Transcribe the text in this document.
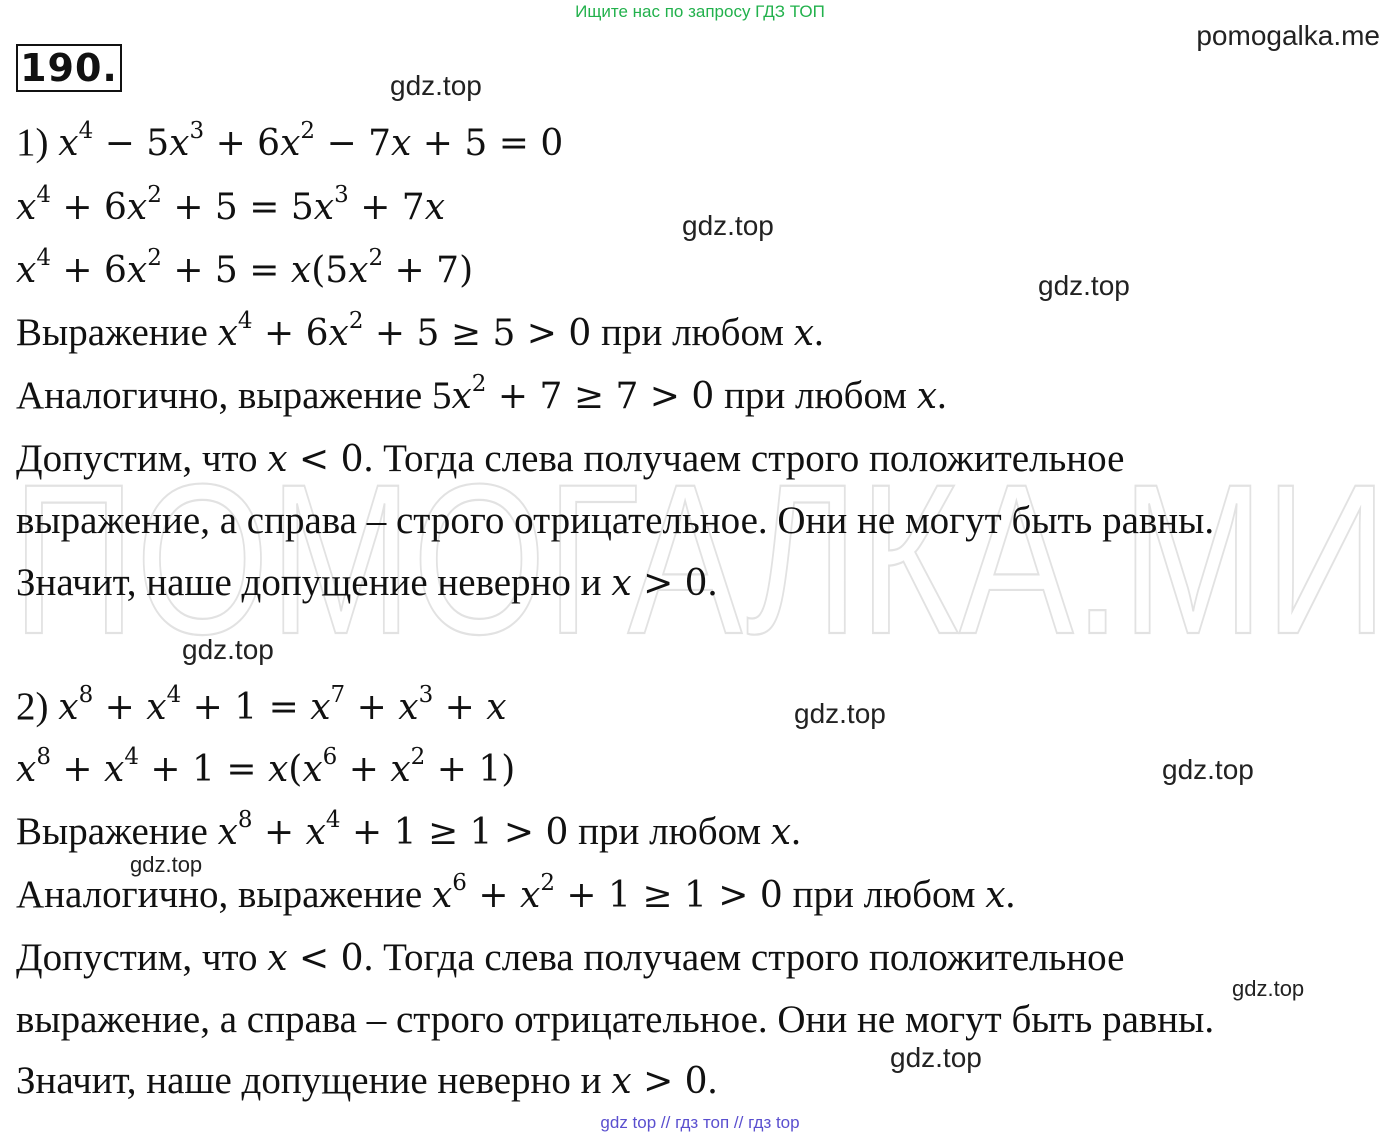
Ищите нас по запросу ГДЗ ТОП
pomogalka.me
190.
ПОМОГАЛКА.МИ
1) $x^4 - 5x^3 + 6x^2 - 7x + 5 = 0$
$x^4 + 6x^2 + 5 = 5x^3 + 7x$
$x^4 + 6x^2 + 5 = x(5x^2 + 7)$
Выражение $x^4 + 6x^2 + 5 \ge 5 > 0$ при любом x.
Аналогично, выражение $5x^2 + 7 \ge 7 > 0$ при любом x.
Допустим, что x < 0. Тогда слева получаем строго положительное
выражение, а справа – строго отрицательное. Они не могут быть равны.
Значит, наше допущение неверно и x > 0.
2) $x^8 + x^4 + 1 = x^7 + x^3 + x$
$x^8 + x^4 + 1 = x(x^6 + x^2 + 1)$
Выражение $x^8 + x^4 + 1 \ge 1 > 0$ при любом x.
Аналогично, выражение $x^6 + x^2 + 1 \ge 1 > 0$ при любом x.
Допустим, что x < 0. Тогда слева получаем строго положительное
выражение, а справа – строго отрицательное. Они не могут быть равны.
Значит, наше допущение неверно и x > 0.
gdz.top
gdz.top
gdz.top
gdz.top
gdz.top
gdz.top
gdz.top
gdz.top
gdz.top
gdz top // гдз топ // гдз top
